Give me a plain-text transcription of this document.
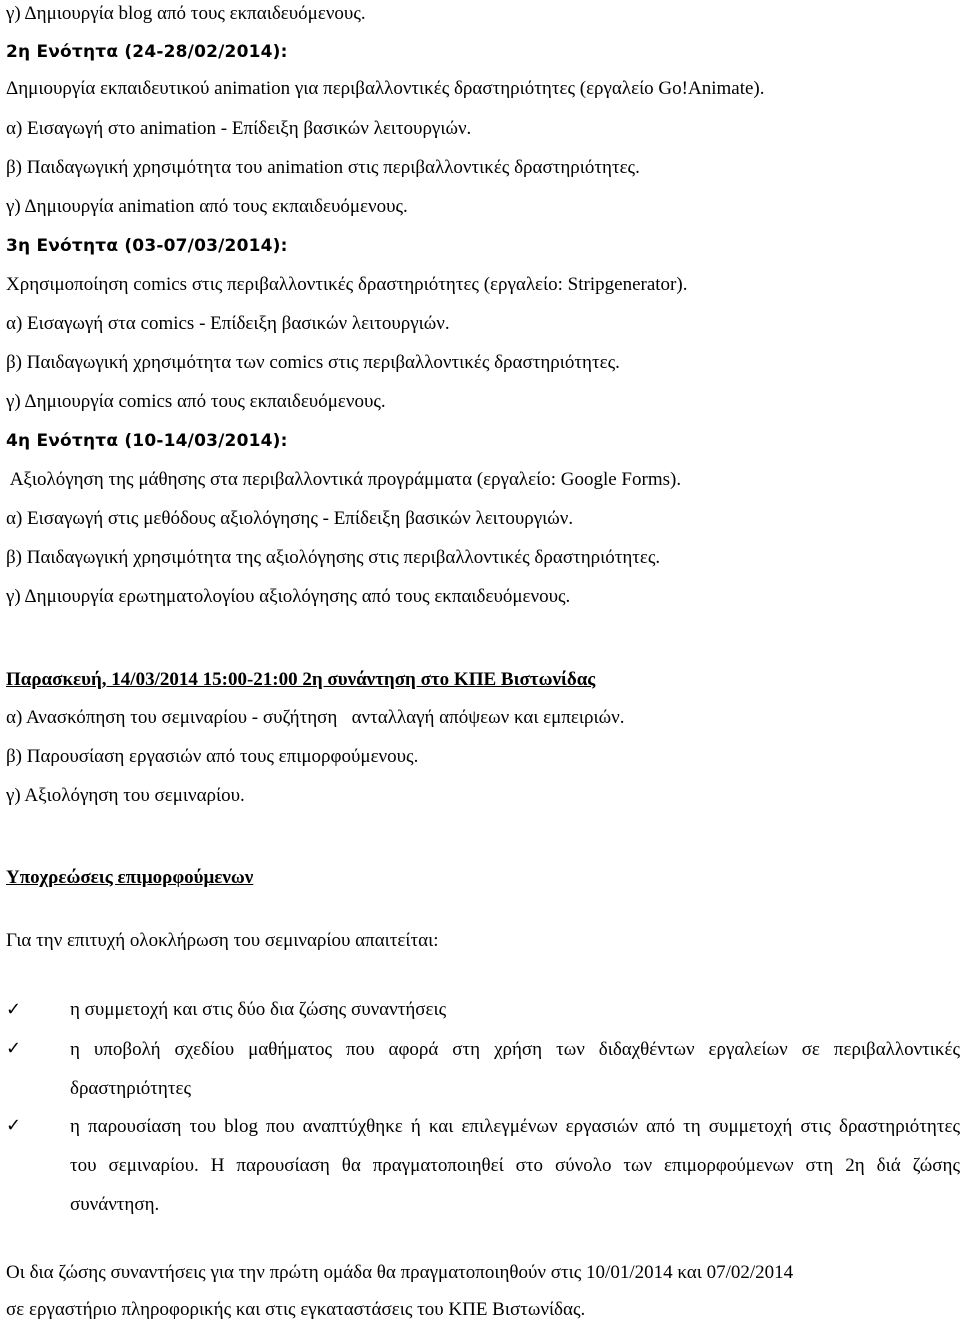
γ) Δημιουργία blog από τους εκπαιδευόμενους.

2η Ενότητα (24-28/02/2014):

Δημιουργία εκπαιδευτικού animation για περιβαλλοντικές δραστηριότητες (εργαλείο Go!Animate).

α) Εισαγωγή στο animation - Επίδειξη βασικών λειτουργιών.

β) Παιδαγωγική χρησιμότητα του animation στις περιβαλλοντικές δραστηριότητες.

γ) Δημιουργία animation από τους εκπαιδευόμενους.

3η Ενότητα (03-07/03/2014):

Χρησιμοποίηση comics στις περιβαλλοντικές δραστηριότητες (εργαλείο: Stripgenerator).

α) Εισαγωγή στα comics - Επίδειξη βασικών λειτουργιών.

β) Παιδαγωγική χρησιμότητα των comics στις περιβαλλοντικές δραστηριότητες.

γ) Δημιουργία comics από τους εκπαιδευόμενους.

4η Ενότητα (10-14/03/2014):

Αξιολόγηση της μάθησης στα περιβαλλοντικά προγράμματα (εργαλείο: Google Forms).

α) Εισαγωγή στις μεθόδους αξιολόγησης - Επίδειξη βασικών λειτουργιών.

β) Παιδαγωγική χρησιμότητα της αξιολόγησης στις περιβαλλοντικές δραστηριότητες.

γ) Δημιουργία ερωτηματολογίου αξιολόγησης από τους εκπαιδευόμενους.

Παρασκευή, 14/03/2014 15:00-21:00 2η συνάντηση στο ΚΠΕ Βιστωνίδας

α) Ανασκόπηση του σεμιναρίου - συζήτηση   ανταλλαγή απόψεων και εμπειριών.

β) Παρουσίαση εργασιών από τους επιμορφούμενους.

γ) Αξιολόγηση του σεμιναρίου.

Υποχρεώσεις επιμορφούμενων

Για την επιτυχή ολοκλήρωση του σεμιναρίου απαιτείται:

✓	η συμμετοχή και στις δύο δια ζώσης συναντήσεις

✓	η υποβολή σχεδίου μαθήματος που αφορά στη χρήση των διδαχθέντων εργαλείων σε περιβαλλοντικές δραστηριότητες

✓	η παρουσίαση του blog που αναπτύχθηκε ή και επιλεγμένων εργασιών από τη συμμετοχή στις δραστηριότητες του σεμιναρίου. Η παρουσίαση θα πραγματοποιηθεί στο σύνολο των επιμορφούμενων στη 2η διά ζώσης συνάντηση.

Οι δια ζώσης συναντήσεις για την πρώτη ομάδα θα πραγματοποιηθούν στις 10/01/2014 και 07/02/2014

σε εργαστήριο πληροφορικής και στις εγκαταστάσεις του ΚΠΕ Βιστωνίδας.
